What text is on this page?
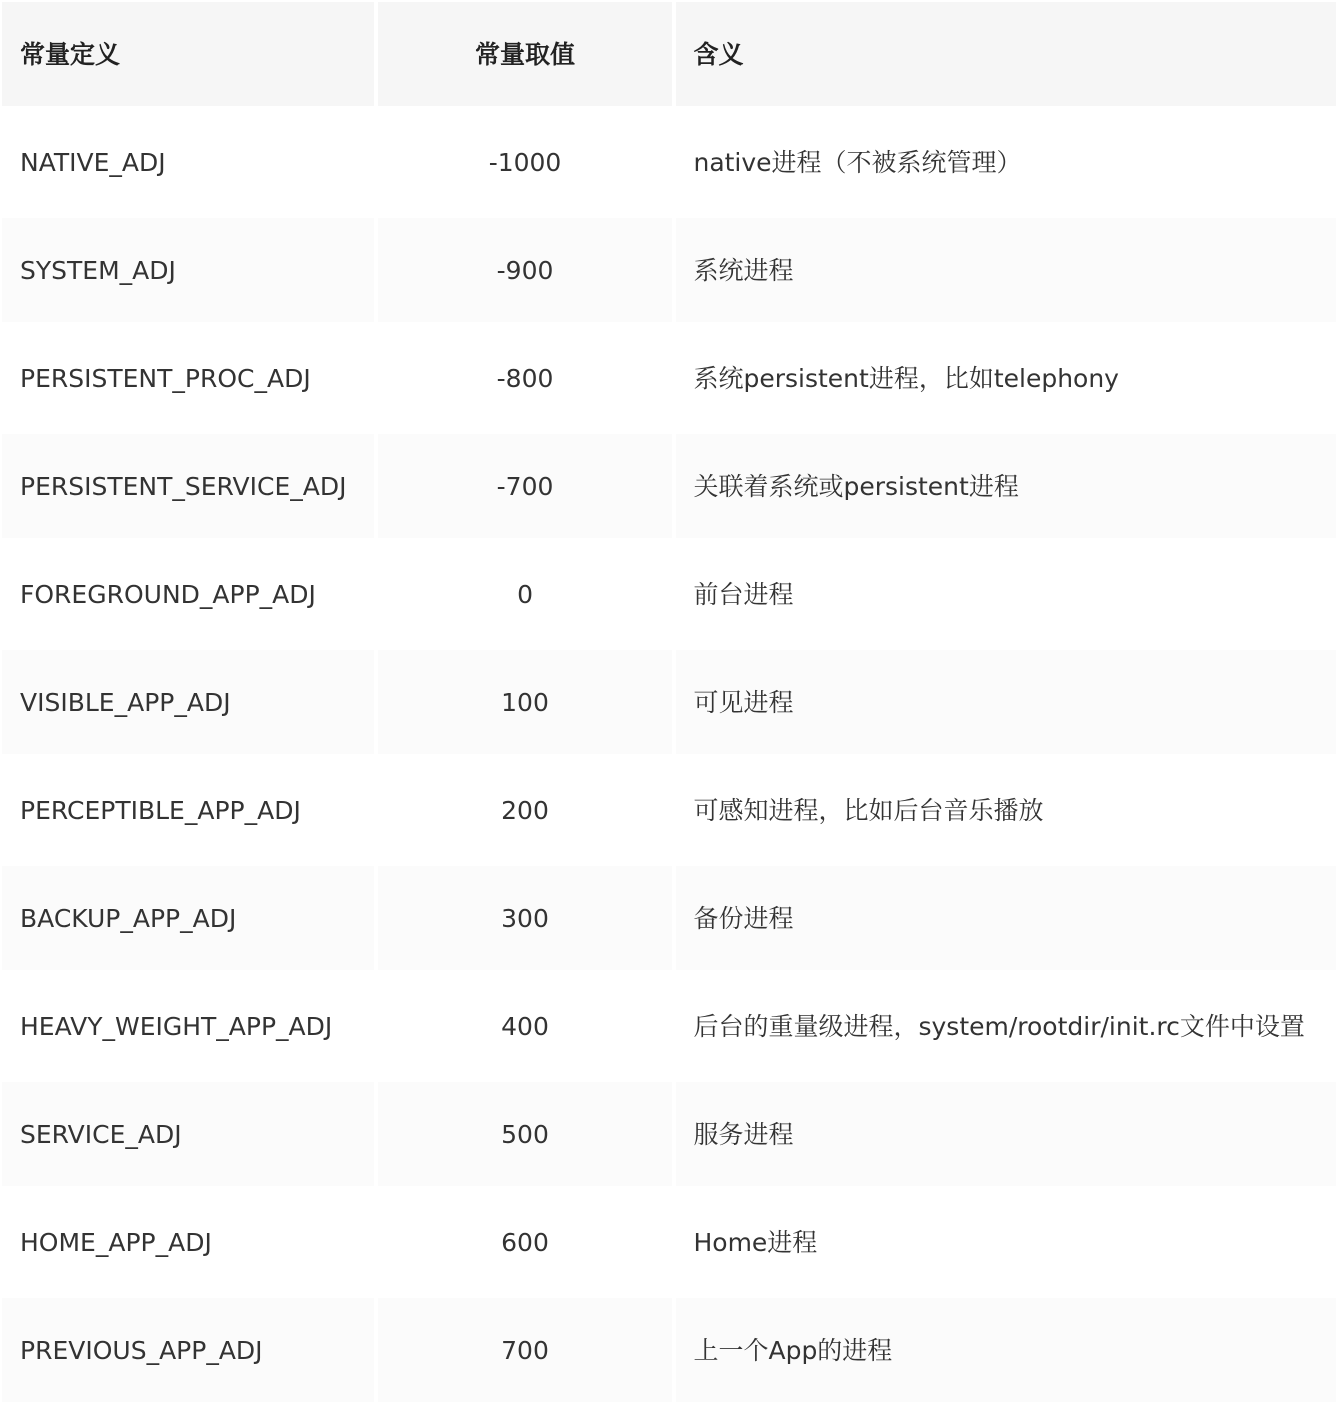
常量定义	常量取值	含义
NATIVE_ADJ	-1000	native进程（不被系统管理）
SYSTEM_ADJ	-900	系统进程
PERSISTENT_PROC_ADJ	-800	系统persistent进程，比如telephony
PERSISTENT_SERVICE_ADJ	-700	关联着系统或persistent进程
FOREGROUND_APP_ADJ	0	前台进程
VISIBLE_APP_ADJ	100	可见进程
PERCEPTIBLE_APP_ADJ	200	可感知进程，比如后台音乐播放
BACKUP_APP_ADJ	300	备份进程
HEAVY_WEIGHT_APP_ADJ	400	后台的重量级进程，system/rootdir/init.rc文件中设置
SERVICE_ADJ	500	服务进程
HOME_APP_ADJ	600	Home进程
PREVIOUS_APP_ADJ	700	上一个App的进程
